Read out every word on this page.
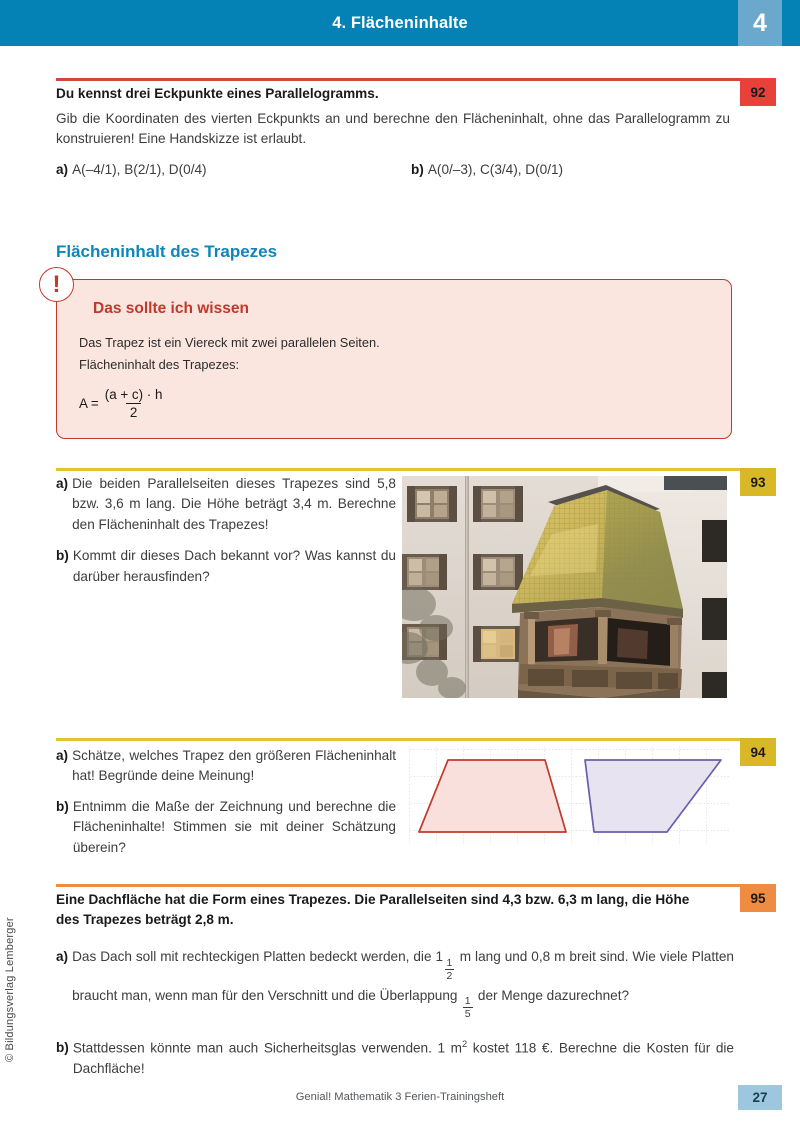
4. Flächeninhalte	4
92
Du kennst drei Eckpunkte eines Parallelogramms.
Gib die Koordinaten des vierten Eckpunkts an und berechne den Flächeninhalt, ohne das Parallelogramm zu konstruieren! Eine Handskizze ist erlaubt.
a) A(–4/1), B(2/1), D(0/4)	b) A(0/–3), C(3/4), D(0/1)
Flächeninhalt des Trapezes
!
Das sollte ich wissen
Das Trapez ist ein Viereck mit zwei parallelen Seiten.
Flächeninhalt des Trapezes:
$A = \frac{(a + c) \cdot h}{2}$
93
a) Die beiden Parallelseiten dieses Trapezes sind 5,8 bzw. 3,6 m lang. Die Höhe beträgt 3,4 m. Berechne den Flächeninhalt des Trapezes!
b) Kommt dir dieses Dach bekannt vor? Was kannst du darüber herausfinden?
94
a) Schätze, welches Trapez den größeren Flächeninhalt hat! Begründe deine Meinung!
b) Entnimm die Maße der Zeichnung und berechne die Flächeninhalte! Stimmen sie mit deiner Schätzung überein?
95
Eine Dachfläche hat die Form eines Trapezes. Die Parallelseiten sind 4,3 bzw. 6,3 m lang, die Höhe des Trapezes beträgt 2,8 m.
a) Das Dach soll mit rechteckigen Platten bedeckt werden, die $1 \frac{1}{2}$ m lang und 0,8 m breit sind. Wie viele Platten braucht man, wenn man für den Verschnitt und die Überlappung $\frac{1}{5}$ der Menge dazurechnet?
b) Stattdessen könnte man auch Sicherheitsglas verwenden. 1 $m^2$ kostet 118 €. Berechne die Kosten für die Dachfläche!
© Bildungsverlag Lemberger
Genial! Mathematik 3 Ferien-Trainingsheft	27
